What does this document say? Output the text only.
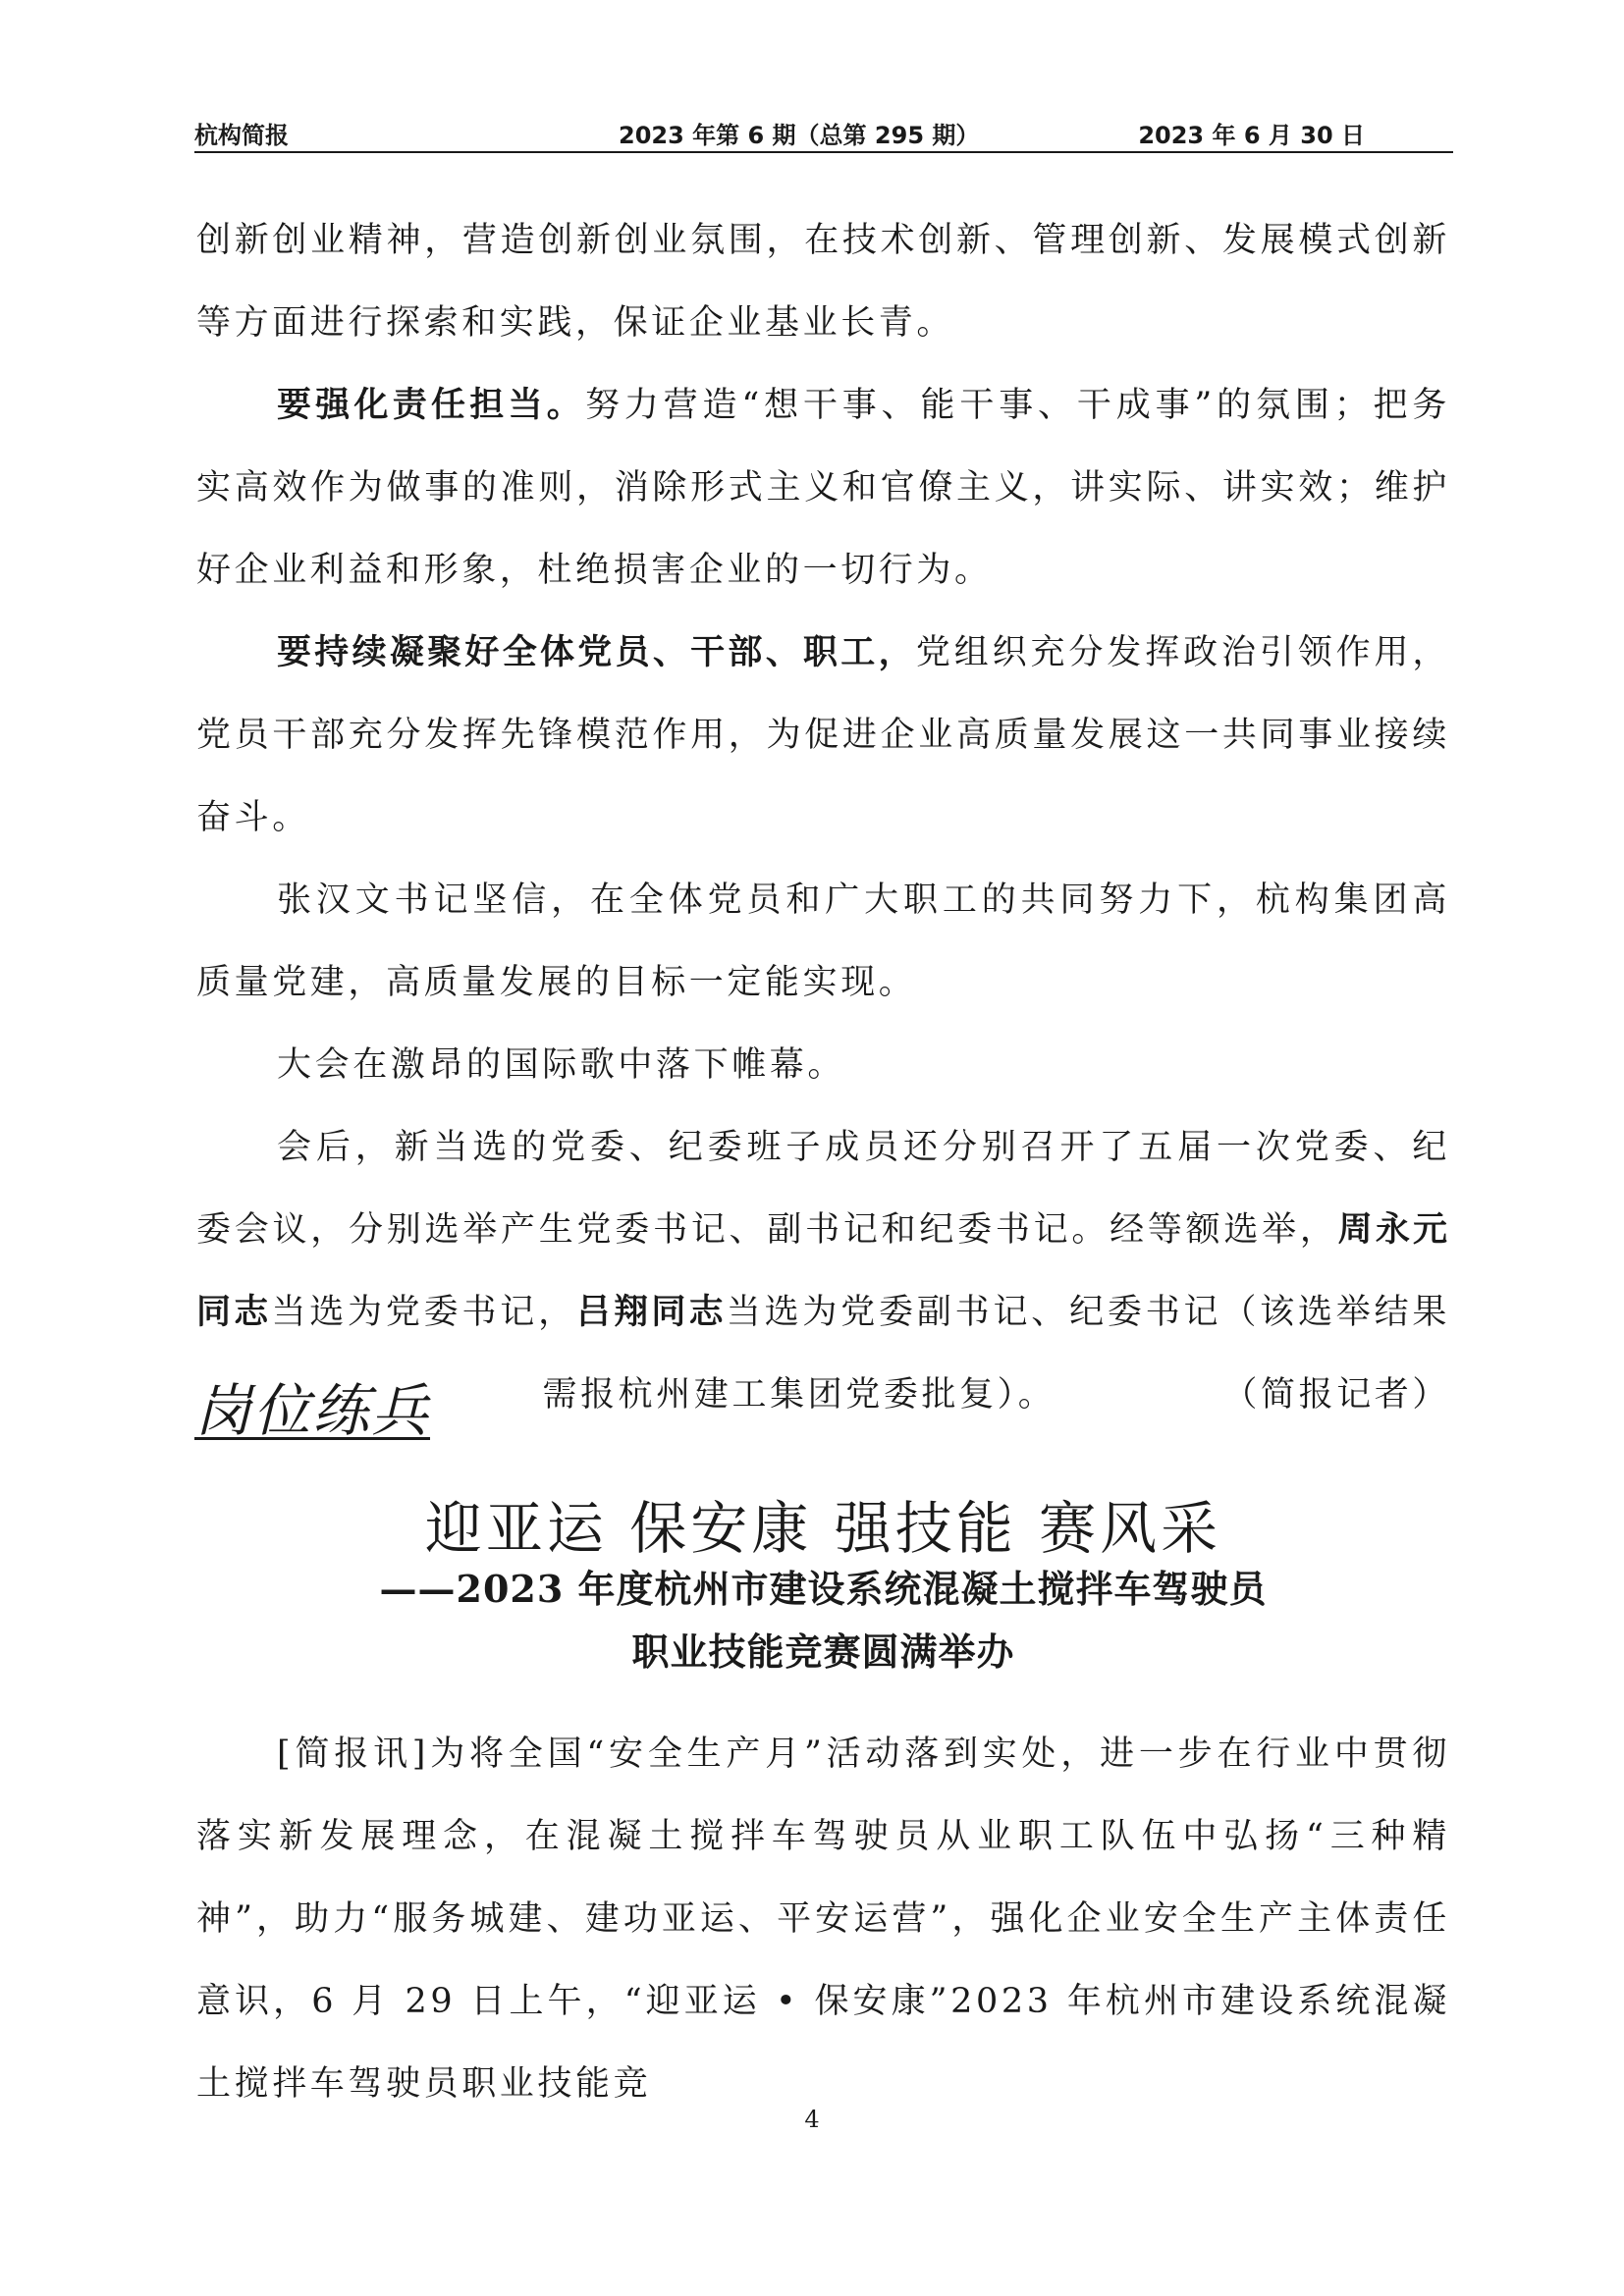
杭构简报	2023 年第 6 期（总第 295 期）	2023 年 6 月 30 日

创新创业精神，营造创新创业氛围，在技术创新、管理创新、发展模式创新等方面进行探索和实践，保证企业基业长青。

要强化责任担当。努力营造“想干事、能干事、干成事”的氛围；把务实高效作为做事的准则，消除形式主义和官僚主义，讲实际、讲实效；维护好企业利益和形象，杜绝损害企业的一切行为。

要持续凝聚好全体党员、干部、职工，党组织充分发挥政治引领作用，党员干部充分发挥先锋模范作用，为促进企业高质量发展这一共同事业接续奋斗。

张汉文书记坚信，在全体党员和广大职工的共同努力下，杭构集团高质量党建，高质量发展的目标一定能实现。

大会在激昂的国际歌中落下帷幕。

会后，新当选的党委、纪委班子成员还分别召开了五届一次党委、纪委会议，分别选举产生党委书记、副书记和纪委书记。经等额选举，周永元同志当选为党委书记，吕翔同志当选为党委副书记、纪委书记（该选举结果需报杭州建工集团党委批复）。	（简报记者）

岗位练兵
迎亚运 保安康 强技能 赛风采
——2023 年度杭州市建设系统混凝土搅拌车驾驶员
职业技能竞赛圆满举办

[简报讯]为将全国“安全生产月”活动落到实处，进一步在行业中贯彻落实新发展理念，在混凝土搅拌车驾驶员从业职工队伍中弘扬“三种精神”，助力“服务城建、建功亚运、平安运营”，强化企业安全生产主体责任意识，6 月 29 日上午，“迎亚运 • 保安康”2023 年杭州市建设系统混凝土搅拌车驾驶员职业技能竞

4
